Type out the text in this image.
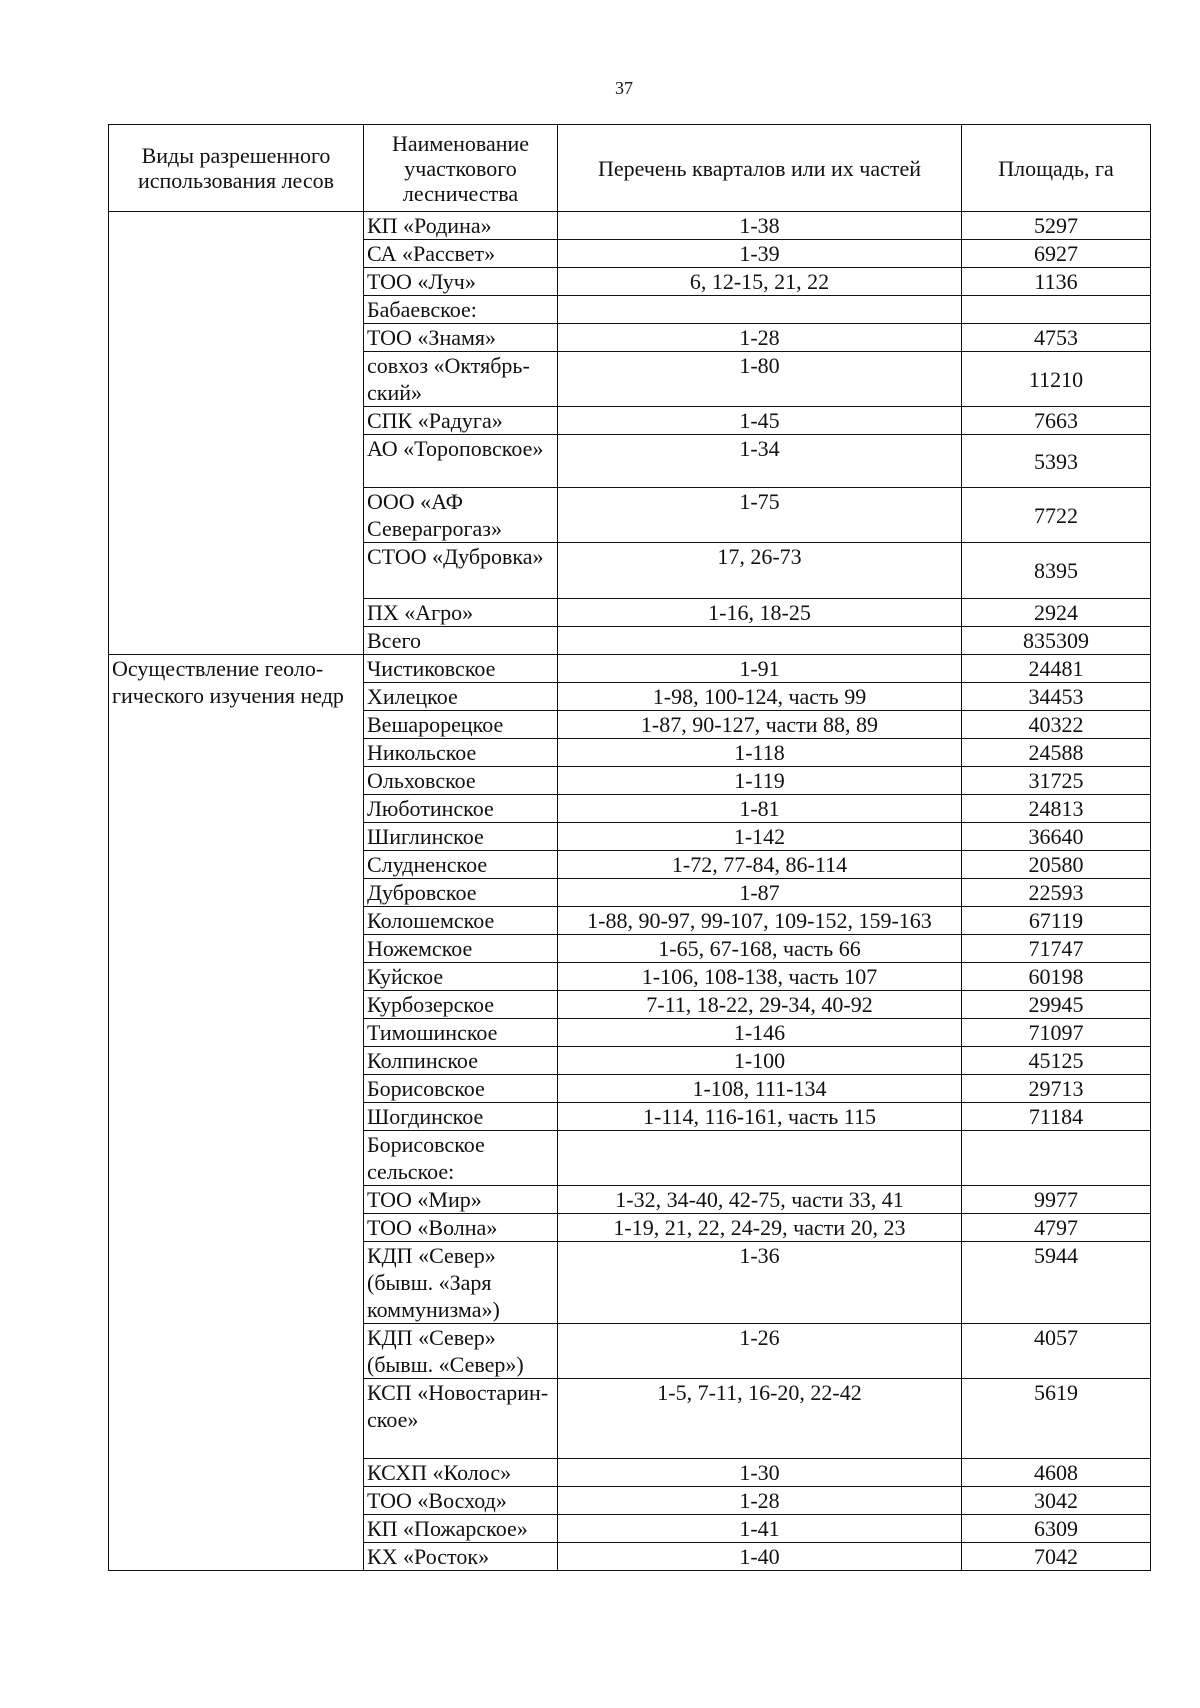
37
Виды разрешенного использования лесов	Наименование участкового лесничества	Перечень кварталов или их частей	Площадь, га
	КП «Родина»	1-38	5297
	СА «Рассвет»	1-39	6927
	ТОО «Луч»	6, 12-15, 21, 22	1136
	Бабаевское:		
	ТОО «Знамя»	1-28	4753
	совхоз «Октябрь-ский»	1-80	11210
	СПК «Радуга»	1-45	7663
	АО «Тороповское»	1-34	5393
	ООО «АФ Северагрогаз»	1-75	7722
	СТОО «Дубровка»	17, 26-73	8395
	ПХ «Агро»	1-16, 18-25	2924
	Всего		835309
Осуществление геоло-гического изучения недр	Чистиковское	1-91	24481
	Хилецкое	1-98, 100-124, часть 99	34453
	Вешарорецкое	1-87, 90-127, части 88, 89	40322
	Никольское	1-118	24588
	Ольховское	1-119	31725
	Люботинское	1-81	24813
	Шиглинское	1-142	36640
	Слудненское	1-72, 77-84, 86-114	20580
	Дубровское	1-87	22593
	Колошемское	1-88, 90-97, 99-107, 109-152, 159-163	67119
	Ножемское	1-65, 67-168, часть 66	71747
	Куйское	1-106, 108-138, часть 107	60198
	Курбозерское	7-11, 18-22, 29-34, 40-92	29945
	Тимошинское	1-146	71097
	Колпинское	1-100	45125
	Борисовское	1-108, 111-134	29713
	Шогдинское	1-114, 116-161, часть 115	71184
	Борисовское сельское:		
	ТОО «Мир»	1-32, 34-40, 42-75, части 33, 41	9977
	ТОО «Волна»	1-19, 21, 22, 24-29, части 20, 23	4797
	КДП «Север» (бывш. «Заря коммунизма»)	1-36	5944
	КДП «Север» (бывш. «Север»)	1-26	4057
	КСП «Новостарин-ское»	1-5, 7-11, 16-20, 22-42	5619
	КСХП «Колос»	1-30	4608
	ТОО «Восход»	1-28	3042
	КП «Пожарское»	1-41	6309
	КХ «Росток»	1-40	7042
